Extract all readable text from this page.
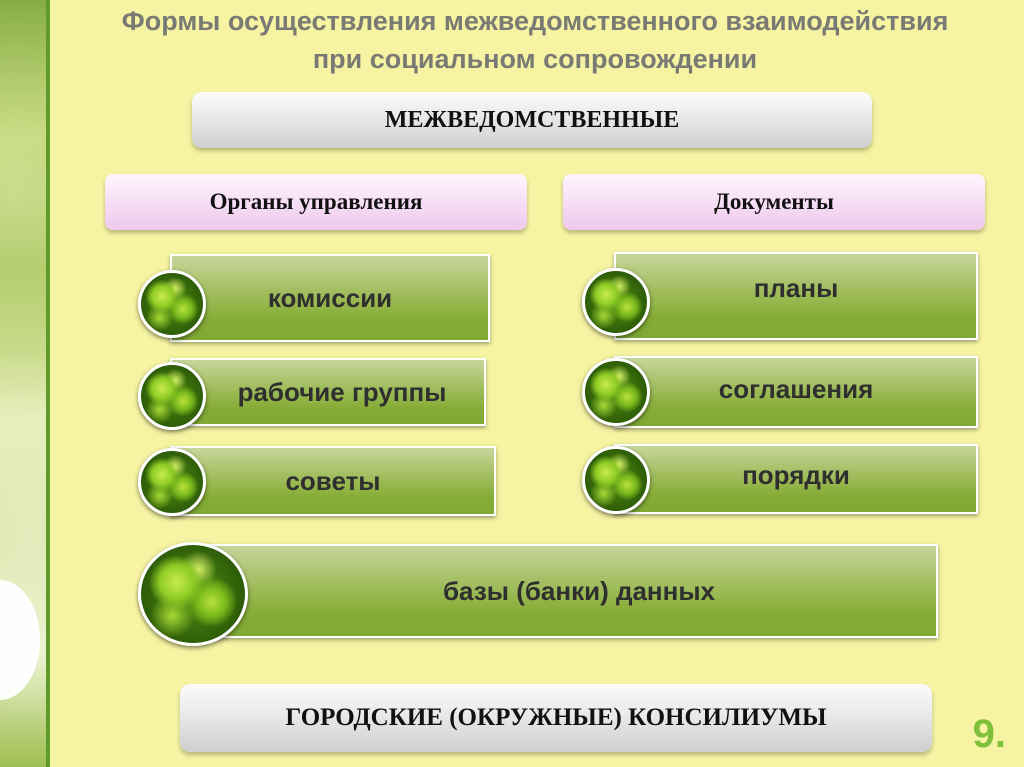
Формы осуществления межведомственного взаимодействия
при социальном сопровождении
МЕЖВЕДОМСТВЕННЫЕ
Органы управления	Документы
комиссии
рабочие группы
советы
планы
соглашения
порядки
базы (банки) данных
ГОРОДСКИЕ (ОКРУЖНЫЕ) КОНСИЛИУМЫ	9.
